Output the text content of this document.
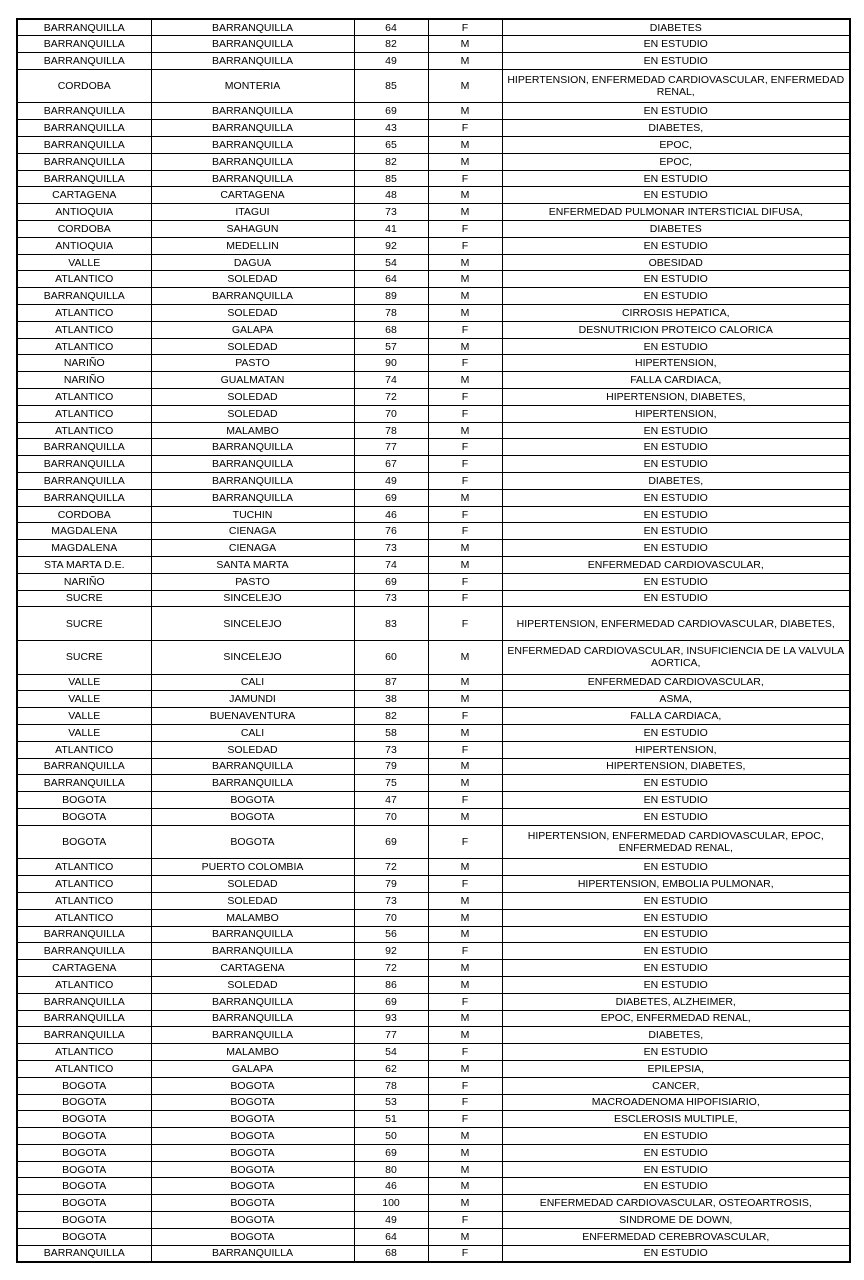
BARRANQUILLA	BARRANQUILLA	64	F	DIABETES
BARRANQUILLA	BARRANQUILLA	82	M	EN ESTUDIO
BARRANQUILLA	BARRANQUILLA	49	M	EN ESTUDIO
CORDOBA	MONTERIA	85	M	HIPERTENSION, ENFERMEDAD CARDIOVASCULAR, ENFERMEDAD RENAL,
BARRANQUILLA	BARRANQUILLA	69	M	EN ESTUDIO
BARRANQUILLA	BARRANQUILLA	43	F	DIABETES,
BARRANQUILLA	BARRANQUILLA	65	M	EPOC,
BARRANQUILLA	BARRANQUILLA	82	M	EPOC,
BARRANQUILLA	BARRANQUILLA	85	F	EN ESTUDIO
CARTAGENA	CARTAGENA	48	M	EN ESTUDIO
ANTIOQUIA	ITAGUI	73	M	ENFERMEDAD PULMONAR INTERSTICIAL DIFUSA,
CORDOBA	SAHAGUN	41	F	DIABETES
ANTIOQUIA	MEDELLIN	92	F	EN ESTUDIO
VALLE	DAGUA	54	M	OBESIDAD
ATLANTICO	SOLEDAD	64	M	EN ESTUDIO
BARRANQUILLA	BARRANQUILLA	89	M	EN ESTUDIO
ATLANTICO	SOLEDAD	78	M	CIRROSIS HEPATICA,
ATLANTICO	GALAPA	68	F	DESNUTRICION PROTEICO CALORICA
ATLANTICO	SOLEDAD	57	M	EN ESTUDIO
NARIÑO	PASTO	90	F	HIPERTENSION,
NARIÑO	GUALMATAN	74	M	FALLA CARDIACA,
ATLANTICO	SOLEDAD	72	F	HIPERTENSION, DIABETES,
ATLANTICO	SOLEDAD	70	F	HIPERTENSION,
ATLANTICO	MALAMBO	78	M	EN ESTUDIO
BARRANQUILLA	BARRANQUILLA	77	F	EN ESTUDIO
BARRANQUILLA	BARRANQUILLA	67	F	EN ESTUDIO
BARRANQUILLA	BARRANQUILLA	49	F	DIABETES,
BARRANQUILLA	BARRANQUILLA	69	M	EN ESTUDIO
CORDOBA	TUCHIN	46	F	EN ESTUDIO
MAGDALENA	CIENAGA	76	F	EN ESTUDIO
MAGDALENA	CIENAGA	73	M	EN ESTUDIO
STA MARTA D.E.	SANTA MARTA	74	M	ENFERMEDAD CARDIOVASCULAR,
NARIÑO	PASTO	69	F	EN ESTUDIO
SUCRE	SINCELEJO	73	F	EN ESTUDIO
SUCRE	SINCELEJO	83	F	HIPERTENSION, ENFERMEDAD CARDIOVASCULAR, DIABETES,
SUCRE	SINCELEJO	60	M	ENFERMEDAD CARDIOVASCULAR, INSUFICIENCIA DE LA VALVULA AORTICA,
VALLE	CALI	87	M	ENFERMEDAD CARDIOVASCULAR,
VALLE	JAMUNDI	38	M	ASMA,
VALLE	BUENAVENTURA	82	F	FALLA CARDIACA,
VALLE	CALI	58	M	EN ESTUDIO
ATLANTICO	SOLEDAD	73	F	HIPERTENSION,
BARRANQUILLA	BARRANQUILLA	79	M	HIPERTENSION, DIABETES,
BARRANQUILLA	BARRANQUILLA	75	M	EN ESTUDIO
BOGOTA	BOGOTA	47	F	EN ESTUDIO
BOGOTA	BOGOTA	70	M	EN ESTUDIO
BOGOTA	BOGOTA	69	F	HIPERTENSION, ENFERMEDAD CARDIOVASCULAR, EPOC, ENFERMEDAD RENAL,
ATLANTICO	PUERTO COLOMBIA	72	M	EN ESTUDIO
ATLANTICO	SOLEDAD	79	F	HIPERTENSION, EMBOLIA PULMONAR,
ATLANTICO	SOLEDAD	73	M	EN ESTUDIO
ATLANTICO	MALAMBO	70	M	EN ESTUDIO
BARRANQUILLA	BARRANQUILLA	56	M	EN ESTUDIO
BARRANQUILLA	BARRANQUILLA	92	F	EN ESTUDIO
CARTAGENA	CARTAGENA	72	M	EN ESTUDIO
ATLANTICO	SOLEDAD	86	M	EN ESTUDIO
BARRANQUILLA	BARRANQUILLA	69	F	DIABETES, ALZHEIMER,
BARRANQUILLA	BARRANQUILLA	93	M	EPOC, ENFERMEDAD RENAL,
BARRANQUILLA	BARRANQUILLA	77	M	DIABETES,
ATLANTICO	MALAMBO	54	F	EN ESTUDIO
ATLANTICO	GALAPA	62	M	EPILEPSIA,
BOGOTA	BOGOTA	78	F	CANCER,
BOGOTA	BOGOTA	53	F	MACROADENOMA HIPOFISIARIO,
BOGOTA	BOGOTA	51	F	ESCLEROSIS MULTIPLE,
BOGOTA	BOGOTA	50	M	EN ESTUDIO
BOGOTA	BOGOTA	69	M	EN ESTUDIO
BOGOTA	BOGOTA	80	M	EN ESTUDIO
BOGOTA	BOGOTA	46	M	EN ESTUDIO
BOGOTA	BOGOTA	100	M	ENFERMEDAD CARDIOVASCULAR, OSTEOARTROSIS,
BOGOTA	BOGOTA	49	F	SINDROME DE DOWN,
BOGOTA	BOGOTA	64	M	ENFERMEDAD CEREBROVASCULAR,
BARRANQUILLA	BARRANQUILLA	68	F	EN ESTUDIO
